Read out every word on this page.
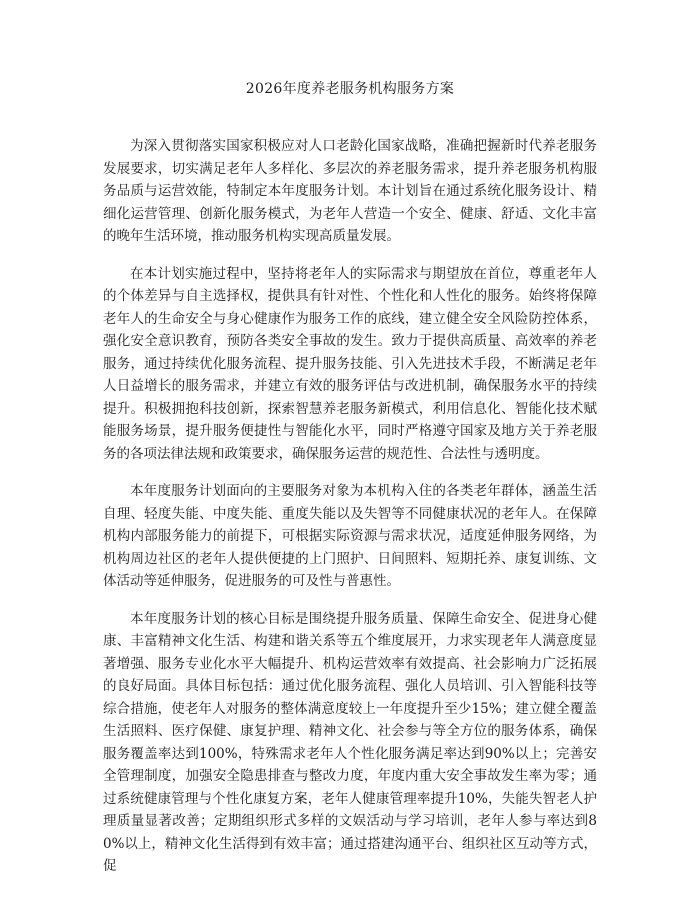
2026年度养老服务机构服务方案

为深入贯彻落实国家积极应对人口老龄化国家战略，准确把握新时代养老服务发展要求，切实满足老年人多样化、多层次的养老服务需求，提升养老服务机构服务品质与运营效能，特制定本年度服务计划。本计划旨在通过系统化服务设计、精细化运营管理、创新化服务模式，为老年人营造一个安全、健康、舒适、文化丰富的晚年生活环境，推动服务机构实现高质量发展。

在本计划实施过程中，坚持将老年人的实际需求与期望放在首位，尊重老年人的个体差异与自主选择权，提供具有针对性、个性化和人性化的服务。始终将保障老年人的生命安全与身心健康作为服务工作的底线，建立健全安全风险防控体系，强化安全意识教育，预防各类安全事故的发生。致力于提供高质量、高效率的养老服务，通过持续优化服务流程、提升服务技能、引入先进技术手段，不断满足老年人日益增长的服务需求，并建立有效的服务评估与改进机制，确保服务水平的持续提升。积极拥抱科技创新，探索智慧养老服务新模式，利用信息化、智能化技术赋能服务场景，提升服务便捷性与智能化水平，同时严格遵守国家及地方关于养老服务的各项法律法规和政策要求，确保服务运营的规范性、合法性与透明度。

本年度服务计划面向的主要服务对象为本机构入住的各类老年群体，涵盖生活自理、轻度失能、中度失能、重度失能以及失智等不同健康状况的老年人。在保障机构内部服务能力的前提下，可根据实际资源与需求状况，适度延伸服务网络，为机构周边社区的老年人提供便捷的上门照护、日间照料、短期托养、康复训练、文体活动等延伸服务，促进服务的可及性与普惠性。

本年度服务计划的核心目标是围绕提升服务质量、保障生命安全、促进身心健康、丰富精神文化生活、构建和谐关系等五个维度展开，力求实现老年人满意度显著增强、服务专业化水平大幅提升、机构运营效率有效提高、社会影响力广泛拓展的良好局面。具体目标包括：通过优化服务流程、强化人员培训、引入智能科技等综合措施，使老年人对服务的整体满意度较上一年度提升至少15%；建立健全覆盖生活照料、医疗保健、康复护理、精神文化、社会参与等全方位的服务体系，确保服务覆盖率达到100%，特殊需求老年人个性化服务满足率达到90%以上；完善安全管理制度，加强安全隐患排查与整改力度，年度内重大安全事故发生率为零；通过系统健康管理与个性化康复方案，老年人健康管理率提升10%，失能失智老人护理质量显著改善；定期组织形式多样的文娱活动与学习培训，老年人参与率达到80%以上，精神文化生活得到有效丰富；通过搭建沟通平台、组织社区互动等方式，促
